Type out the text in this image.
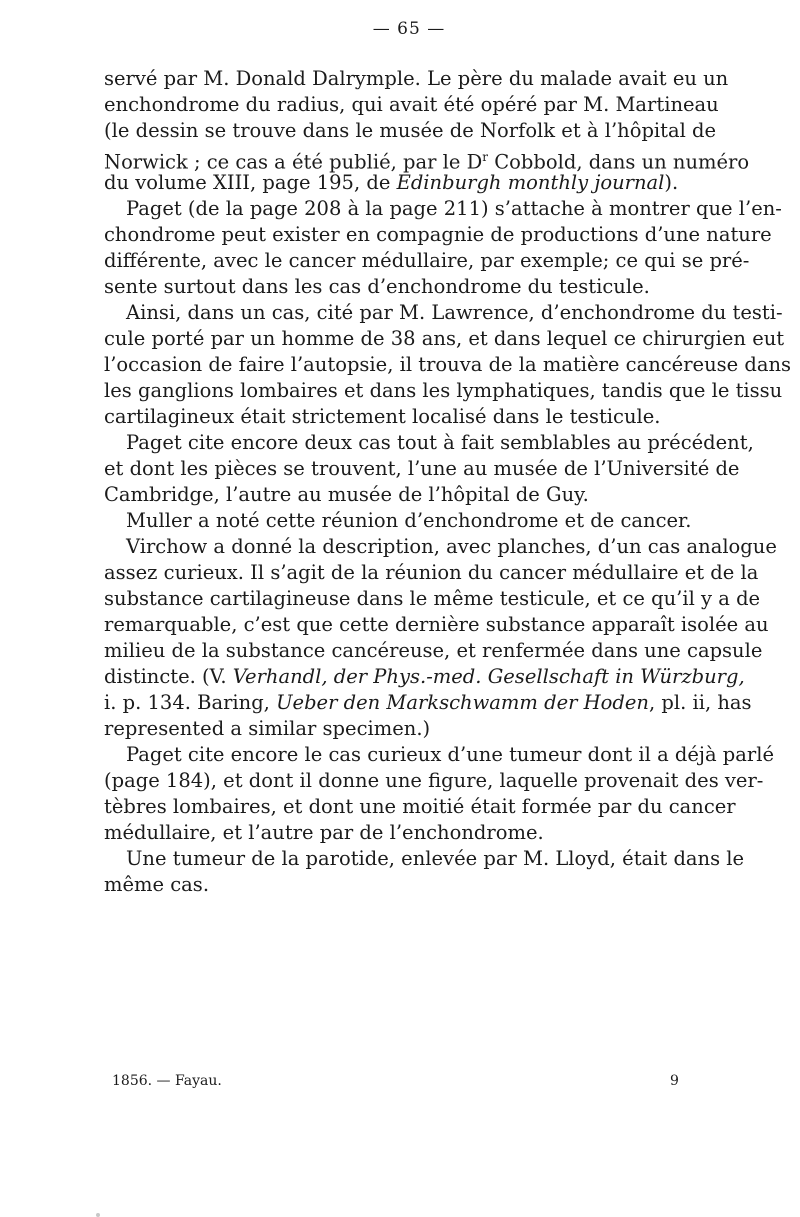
— 65 —
servé par M. Donald Dalrymple. Le père du malade avait eu un
enchondrome du radius, qui avait été opéré par M. Martineau
(le dessin se trouve dans le musée de Norfolk et à l’hôpital de
Norwick ; ce cas a été publié, par le $D^r$ Cobbold, dans un numéro
du volume XIII, page 195, de Edinburgh monthly journal).
Paget (de la page 208 à la page 211) s’attache à montrer que l’en-
chondrome peut exister en compagnie de productions d’une nature
différente, avec le cancer médullaire, par exemple; ce qui se pré-
sente surtout dans les cas d’enchondrome du testicule.
Ainsi, dans un cas, cité par M. Lawrence, d’enchondrome du testi-
cule porté par un homme de 38 ans, et dans lequel ce chirurgien eut
l’occasion de faire l’autopsie, il trouva de la matière cancéreuse dans
les ganglions lombaires et dans les lymphatiques, tandis que le tissu
cartilagineux était strictement localisé dans le testicule.
Paget cite encore deux cas tout à fait semblables au précédent,
et dont les pièces se trouvent, l’une au musée de l’Université de
Cambridge, l’autre au musée de l’hôpital de Guy.
Muller a noté cette réunion d’enchondrome et de cancer.
Virchow a donné la description, avec planches, d’un cas analogue
assez curieux. Il s’agit de la réunion du cancer médullaire et de la
substance cartilagineuse dans le même testicule, et ce qu’il y a de
remarquable, c’est que cette dernière substance apparaît isolée au
milieu de la substance cancéreuse, et renfermée dans une capsule
distincte. (V. Verhandl, der Phys.-med. Gesellschaft in Würzburg,
i. p. 134. Baring, Ueber den Markschwamm der Hoden, pl. ii, has
represented a similar specimen.)
Paget cite encore le cas curieux d’une tumeur dont il a déjà parlé
(page 184), et dont il donne une figure, laquelle provenait des ver-
tèbres lombaires, et dont une moitié était formée par du cancer
médullaire, et l’autre par de l’enchondrome.
Une tumeur de la parotide, enlevée par M. Lloyd, était dans le
même cas.
1856. — Fayau.	9
